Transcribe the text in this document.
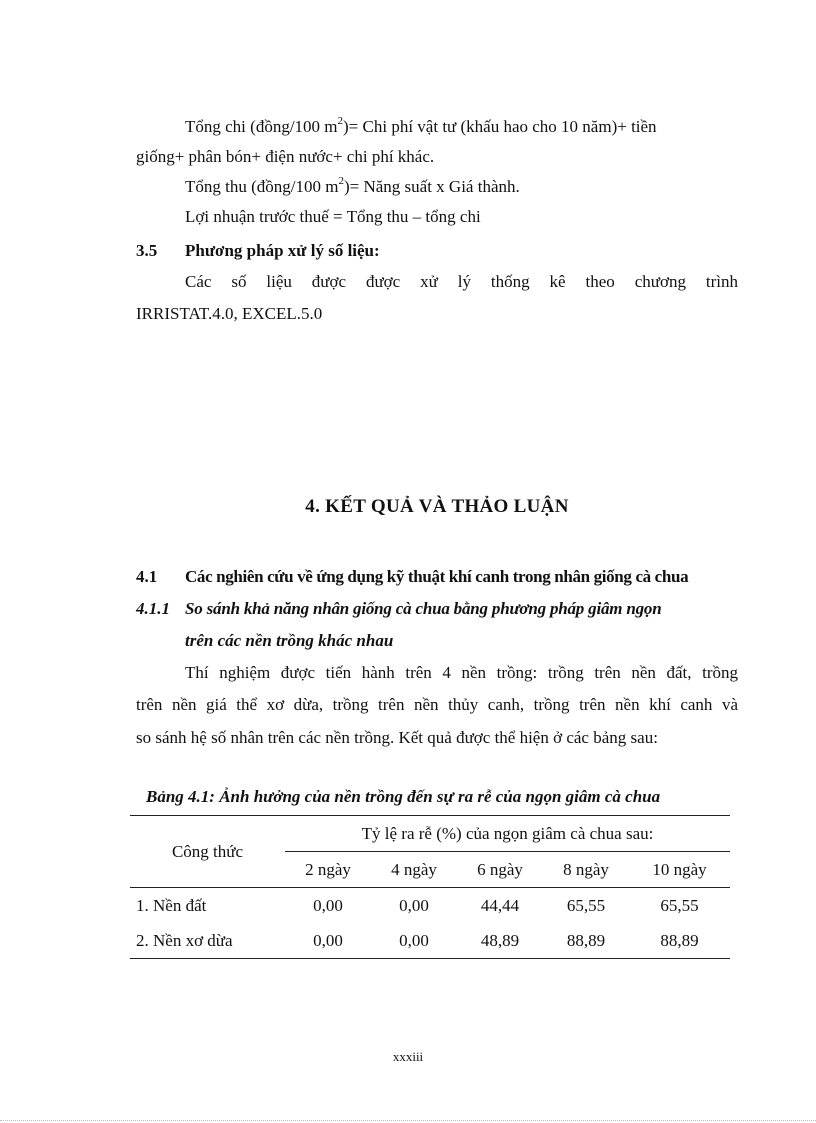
Tổng chi (đồng/100 $m^2)=$ Chi phí vật tư (khấu hao cho 10 năm)+ tiền
giống+ phân bón+ điện nước+ chi phí khác.
Tổng thu (đồng/100 $m^2)=$ Năng suất x Giá thành.
Lợi nhuận trước thuế = Tổng thu – tổng chi
3.5 Phương pháp xử lý số liệu:
Các số liệu được được xử lý thống kê theo chương trình
IRRISTAT.4.0, EXCEL.5.0
4. KẾT QUẢ VÀ THẢO LUẬN
4.1 Các nghiên cứu về ứng dụng kỹ thuật khí canh trong nhân giống cà chua
4.1.1 So sánh khả năng nhân giống cà chua bằng phương pháp giâm ngọn
trên các nền trồng khác nhau
Thí nghiệm được tiến hành trên 4 nền trồng: trồng trên nền đất, trồng
trên nền giá thể xơ dừa, trồng trên nền thủy canh, trồng trên nền khí canh và
so sánh hệ số nhân trên các nền trồng. Kết quả được thể hiện ở các bảng sau:
Bảng 4.1: Ảnh hưởng của nền trồng đến sự ra rễ của ngọn giâm cà chua
Công thức	Tỷ lệ ra rễ (%) của ngọn giâm cà chua sau:				
	2 ngày	4 ngày	6 ngày	8 ngày	10 ngày
1. Nền đất	0,00	0,00	44,44	65,55	65,55
2. Nền xơ dừa	0,00	0,00	48,89	88,89	88,89
xxxiii
